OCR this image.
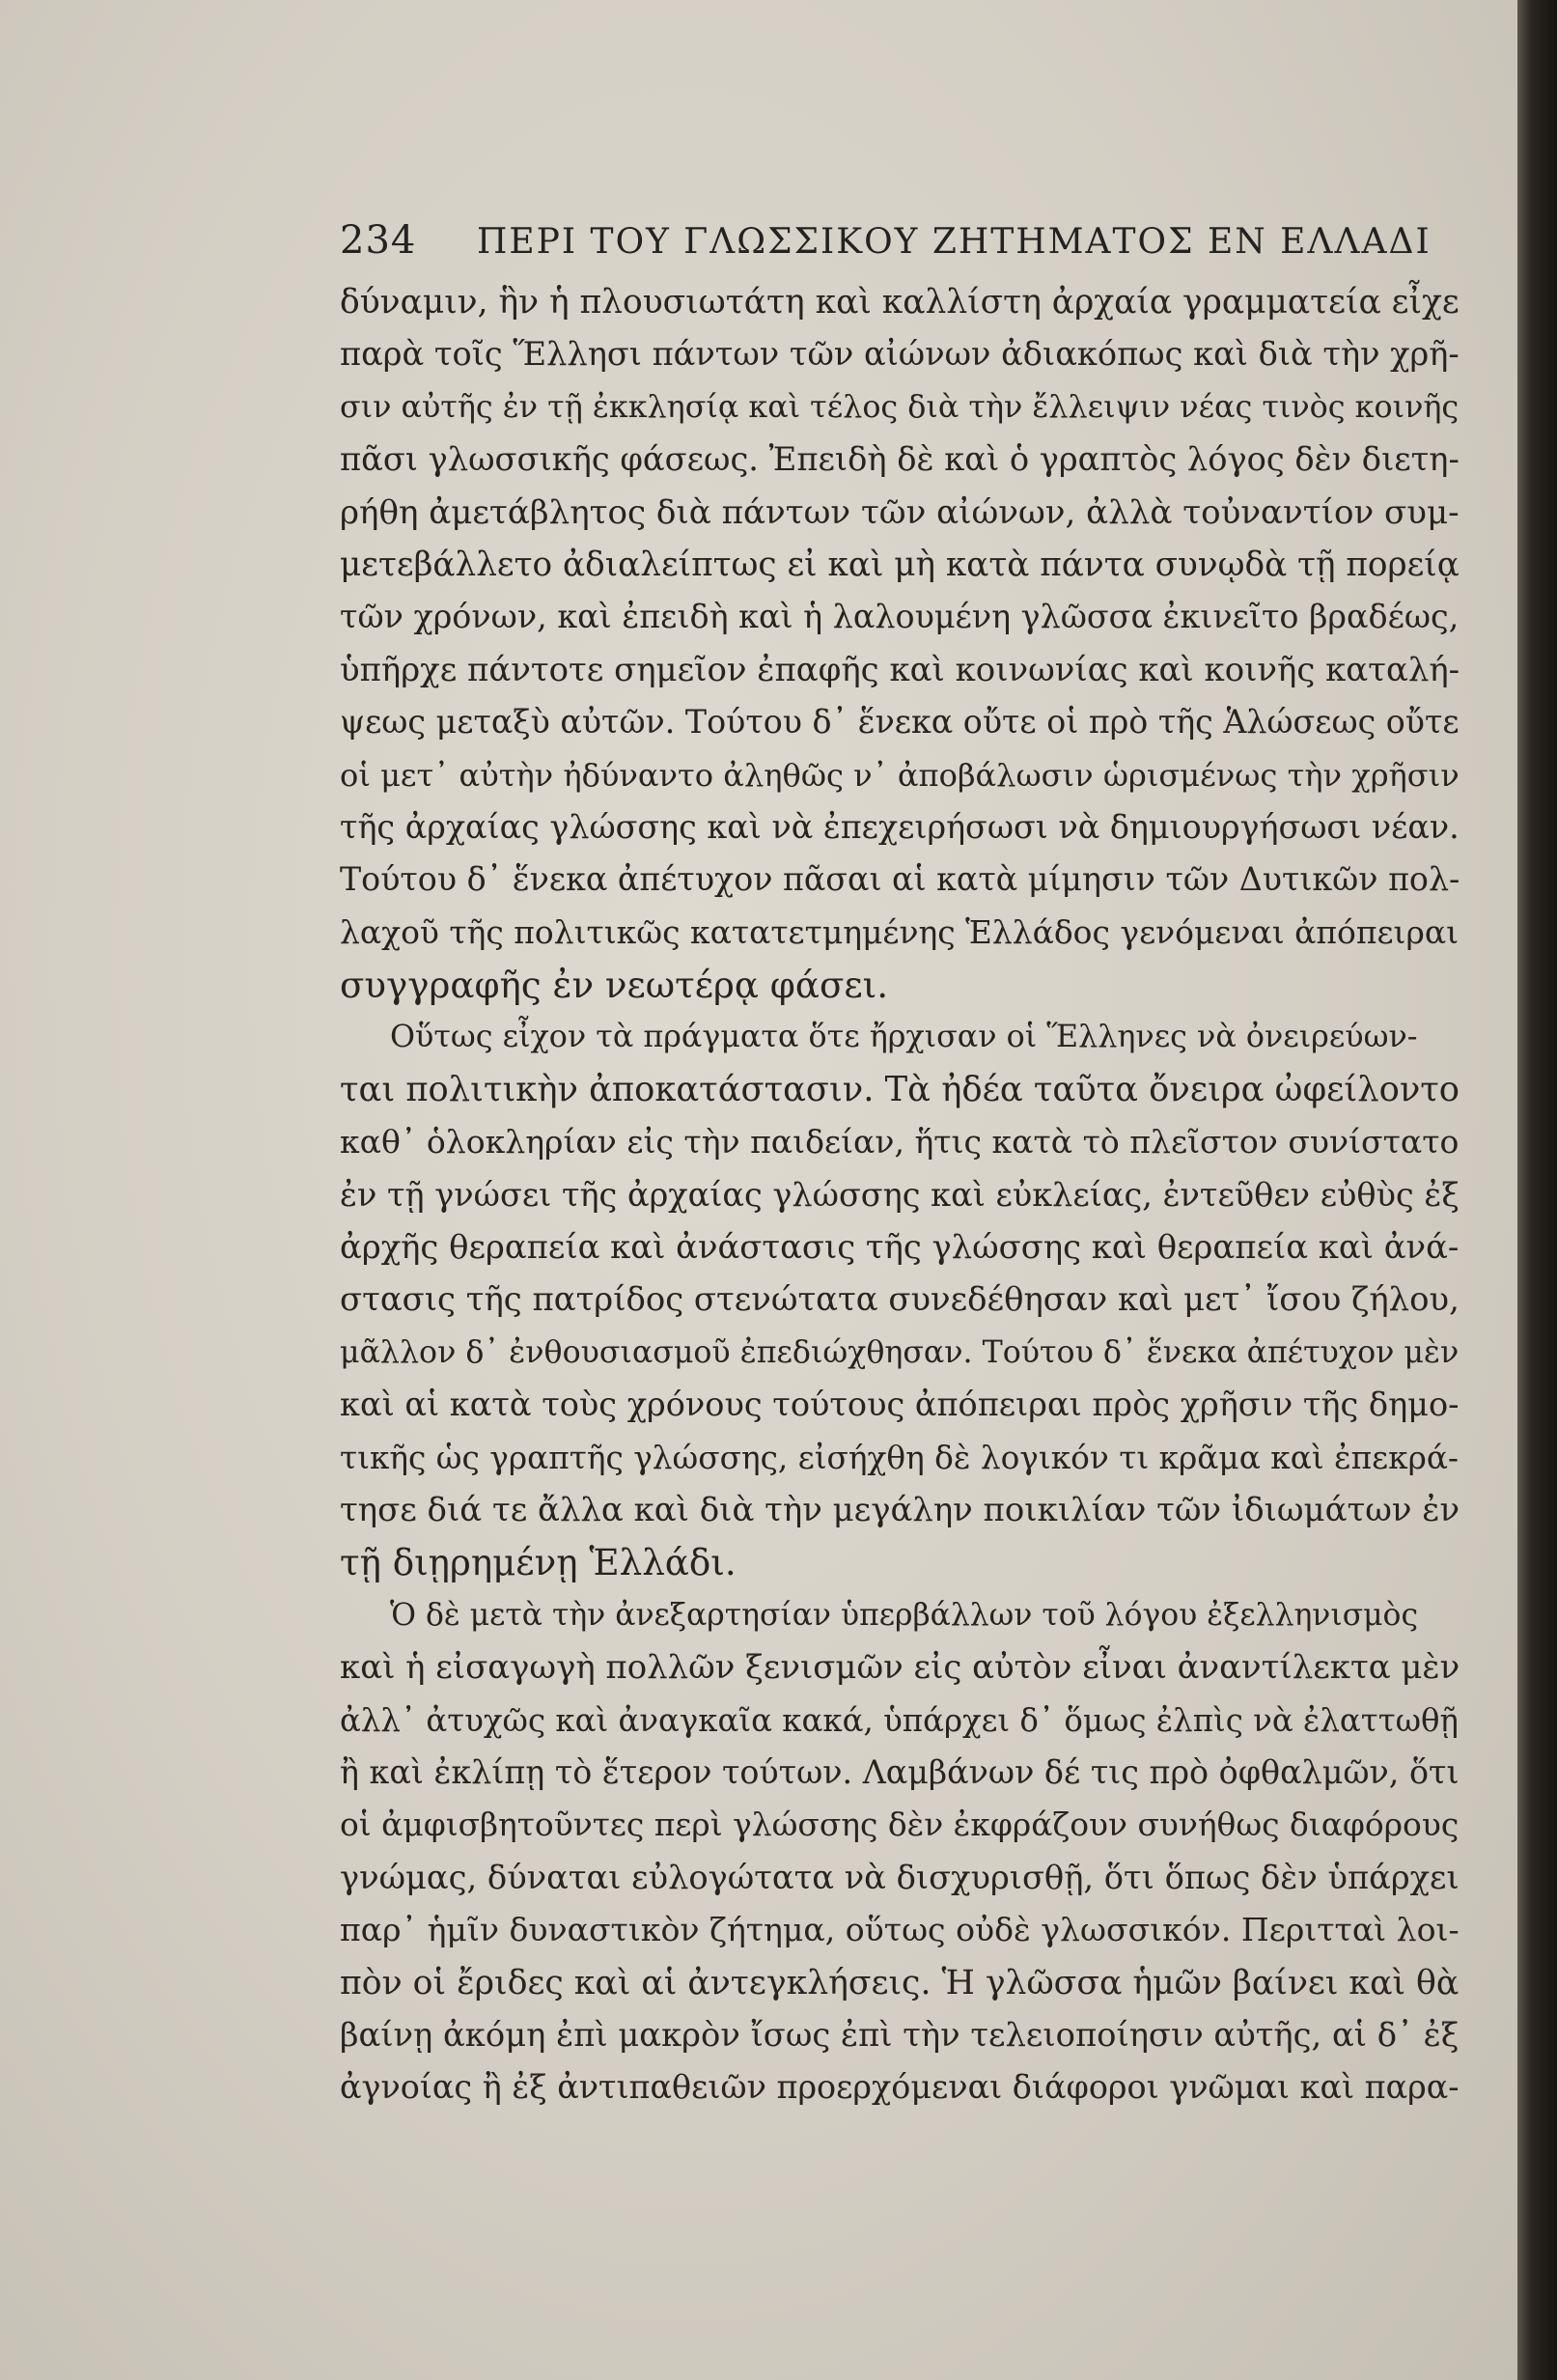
234 ΠΕΡΙ ΤΟΥ ΓΛΩΣΣΙΚΟΥ ΖΗΤΗΜΑΤΟΣ ΕΝ ΕΛΛΑΔΙ
δύναμιν, ἣν ἡ πλουσιωτάτη καὶ καλλίστη ἀρχαία γραμματεία εἶχε
παρὰ τοῖς Ἕλλησι πάντων τῶν αἰώνων ἀδιακόπως καὶ διὰ τὴν χρῆ-
σιν αὐτῆς ἐν τῇ ἐκκλησίᾳ καὶ τέλος διὰ τὴν ἔλλειψιν νέας τινὸς κοινῆς
πᾶσι γλωσσικῆς φάσεως. Ἐπειδὴ δὲ καὶ ὁ γραπτὸς λόγος δὲν διετη-
ρήθη ἀμετάβλητος διὰ πάντων τῶν αἰώνων, ἀλλὰ τοὐναντίον συμ-
μετεβάλλετο ἀδιαλείπτως εἰ καὶ μὴ κατὰ πάντα συνῳδὰ τῇ πορείᾳ
τῶν χρόνων, καὶ ἐπειδὴ καὶ ἡ λαλουμένη γλῶσσα ἐκινεῖτο βραδέως,
ὑπῆρχε πάντοτε σημεῖον ἐπαφῆς καὶ κοινωνίας καὶ κοινῆς καταλή-
ψεως μεταξὺ αὐτῶν. Τούτου δ᾽ ἕνεκα οὔτε οἱ πρὸ τῆς Ἁλώσεως οὔτε
οἱ μετ᾽ αὐτὴν ἠδύναντο ἀληθῶς ν᾽ ἀποβάλωσιν ὡρισμένως τὴν χρῆσιν
τῆς ἀρχαίας γλώσσης καὶ νὰ ἐπεχειρήσωσι νὰ δημιουργήσωσι νέαν.
Τούτου δ᾽ ἕνεκα ἀπέτυχον πᾶσαι αἱ κατὰ μίμησιν τῶν Δυτικῶν πολ-
λαχοῦ τῆς πολιτικῶς κατατετμημένης Ἑλλάδος γενόμεναι ἀπόπειραι
συγγραφῆς ἐν νεωτέρᾳ φάσει.
Οὕτως εἶχον τὰ πράγματα ὅτε ἤρχισαν οἱ Ἕλληνες νὰ ὀνειρεύων-
ται πολιτικὴν ἀποκατάστασιν. Τὰ ἠδέα ταῦτα ὄνειρα ὠφείλοντο
καθ᾽ ὁλοκληρίαν εἰς τὴν παιδείαν, ἥτις κατὰ τὸ πλεῖστον συνίστατο
ἐν τῇ γνώσει τῆς ἀρχαίας γλώσσης καὶ εὐκλείας, ἐντεῦθεν εὐθὺς ἐξ
ἀρχῆς θεραπεία καὶ ἀνάστασις τῆς γλώσσης καὶ θεραπεία καὶ ἀνά-
στασις τῆς πατρίδος στενώτατα συνεδέθησαν καὶ μετ᾽ ἴσου ζήλου,
μᾶλλον δ᾽ ἐνθουσιασμοῦ ἐπεδιώχθησαν. Τούτου δ᾽ ἕνεκα ἀπέτυχον μὲν
καὶ αἱ κατὰ τοὺς χρόνους τούτους ἀπόπειραι πρὸς χρῆσιν τῆς δημο-
τικῆς ὡς γραπτῆς γλώσσης, εἰσήχθη δὲ λογικόν τι κρᾶμα καὶ ἐπεκρά-
τησε διά τε ἄλλα καὶ διὰ τὴν μεγάλην ποικιλίαν τῶν ἰδιωμάτων ἐν
τῇ διῃρημένῃ Ἑλλάδι.
Ὁ δὲ μετὰ τὴν ἀνεξαρτησίαν ὑπερβάλλων τοῦ λόγου ἐξελληνισμὸς
καὶ ἡ εἰσαγωγὴ πολλῶν ξενισμῶν εἰς αὐτὸν εἶναι ἀναντίλεκτα μὲν
ἀλλ᾽ ἀτυχῶς καὶ ἀναγκαῖα κακά, ὑπάρχει δ᾽ ὅμως ἐλπὶς νὰ ἐλαττωθῇ
ἢ καὶ ἐκλίπῃ τὸ ἕτερον τούτων. Λαμβάνων δέ τις πρὸ ὀφθαλμῶν, ὅτι
οἱ ἀμφισβητοῦντες περὶ γλώσσης δὲν ἐκφράζουν συνήθως διαφόρους
γνώμας, δύναται εὐλογώτατα νὰ δισχυρισθῇ, ὅτι ὅπως δὲν ὑπάρχει
παρ᾽ ἡμῖν δυναστικὸν ζήτημα, οὕτως οὐδὲ γλωσσικόν. Περιτταὶ λοι-
πὸν οἱ ἔριδες καὶ αἱ ἀντεγκλήσεις. Ἡ γλῶσσα ἡμῶν βαίνει καὶ θὰ
βαίνῃ ἀκόμη ἐπὶ μακρὸν ἴσως ἐπὶ τὴν τελειοποίησιν αὐτῆς, αἱ δ᾽ ἐξ
ἀγνοίας ἢ ἐξ ἀντιπαθειῶν προερχόμεναι διάφοροι γνῶμαι καὶ παρα-
